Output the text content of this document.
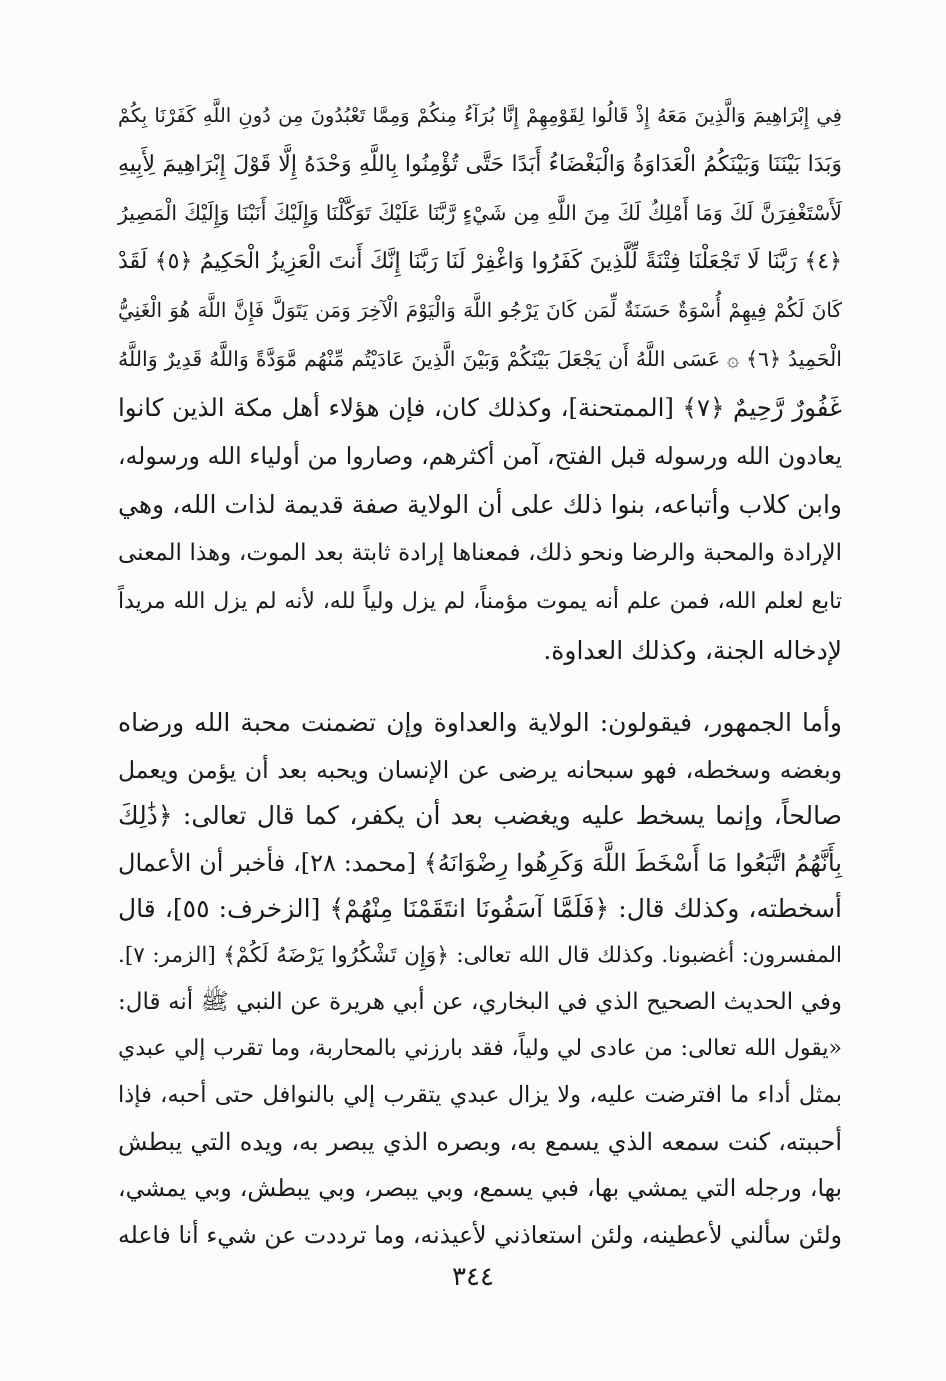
فِي إِبْرَاهِيمَ وَالَّذِينَ مَعَهُ إِذْ قَالُوا لِقَوْمِهِمْ إِنَّا بُرَآءُ مِنكُمْ وَمِمَّا تَعْبُدُونَ مِن دُونِ اللَّهِ كَفَرْنَا بِكُمْ
وَبَدَا بَيْنَنَا وَبَيْنَكُمُ الْعَدَاوَةُ وَالْبَغْضَاءُ أَبَدًا حَتَّى تُؤْمِنُوا بِاللَّهِ وَحْدَهُ إِلَّا قَوْلَ إِبْرَاهِيمَ لِأَبِيهِ
لَأَسْتَغْفِرَنَّ لَكَ وَمَا أَمْلِكُ لَكَ مِنَ اللَّهِ مِن شَيْءٍ رَّبَّنَا عَلَيْكَ تَوَكَّلْنَا وَإِلَيْكَ أَنَبْنَا وَإِلَيْكَ الْمَصِيرُ
﴿٤﴾ رَبَّنَا لَا تَجْعَلْنَا فِتْنَةً لِّلَّذِينَ كَفَرُوا وَاغْفِرْ لَنَا رَبَّنَا إِنَّكَ أَنتَ الْعَزِيزُ الْحَكِيمُ ﴿٥﴾ لَقَدْ
كَانَ لَكُمْ فِيهِمْ أُسْوَةٌ حَسَنَةٌ لِّمَن كَانَ يَرْجُو اللَّهَ وَالْيَوْمَ الْآخِرَ وَمَن يَتَوَلَّ فَإِنَّ اللَّهَ هُوَ الْغَنِيُّ
الْحَمِيدُ ﴿٦﴾ ۞ عَسَى اللَّهُ أَن يَجْعَلَ بَيْنَكُمْ وَبَيْنَ الَّذِينَ عَادَيْتُم مِّنْهُم مَّوَدَّةً وَاللَّهُ قَدِيرٌ وَاللَّهُ
غَفُورٌ رَّحِيمٌ ﴿٧﴾ [الممتحنة]، وكذلك كان، فإن هؤلاء أهل مكة الذين كانوا
يعادون الله ورسوله قبل الفتح، آمن أكثرهم، وصاروا من أولياء الله ورسوله،
وابن كلاب وأتباعه، بنوا ذلك على أن الولاية صفة قديمة لذات الله، وهي
الإرادة والمحبة والرضا ونحو ذلك، فمعناها إرادة ثابتة بعد الموت، وهذا المعنى
تابع لعلم الله، فمن علم أنه يموت مؤمناً، لم يزل ولياً لله، لأنه لم يزل الله مريداً
لإدخاله الجنة، وكذلك العداوة.
وأما الجمهور، فيقولون: الولاية والعداوة وإن تضمنت محبة الله ورضاه
وبغضه وسخطه، فهو سبحانه يرضى عن الإنسان ويحبه بعد أن يؤمن ويعمل
صالحاً، وإنما يسخط عليه ويغضب بعد أن يكفر، كما قال تعالى: ﴿ذَٰلِكَ
بِأَنَّهُمُ اتَّبَعُوا مَا أَسْخَطَ اللَّهَ وَكَرِهُوا رِضْوَانَهُ﴾ [محمد: ٢٨]، فأخبر أن الأعمال
أسخطته، وكذلك قال: ﴿فَلَمَّا آسَفُونَا انتَقَمْنَا مِنْهُمْ﴾ [الزخرف: ٥٥]، قال
المفسرون: أغضبونا. وكذلك قال الله تعالى: ﴿وَإِن تَشْكُرُوا يَرْضَهُ لَكُمْ﴾ [الزمر: ٧].
وفي الحديث الصحيح الذي في البخاري، عن أبي هريرة عن النبي ﷺ أنه قال:
«يقول الله تعالى: من عادى لي ولياً، فقد بارزني بالمحاربة، وما تقرب إلي عبدي
بمثل أداء ما افترضت عليه، ولا يزال عبدي يتقرب إلي بالنوافل حتى أحبه، فإذا
أحببته، كنت سمعه الذي يسمع به، وبصره الذي يبصر به، ويده التي يبطش
بها، ورجله التي يمشي بها، فبي يسمع، وبي يبصر، وبي يبطش، وبي يمشي،
ولئن سألني لأعطينه، ولئن استعاذني لأعيذنه، وما ترددت عن شيء أنا فاعله
٣٤٤
